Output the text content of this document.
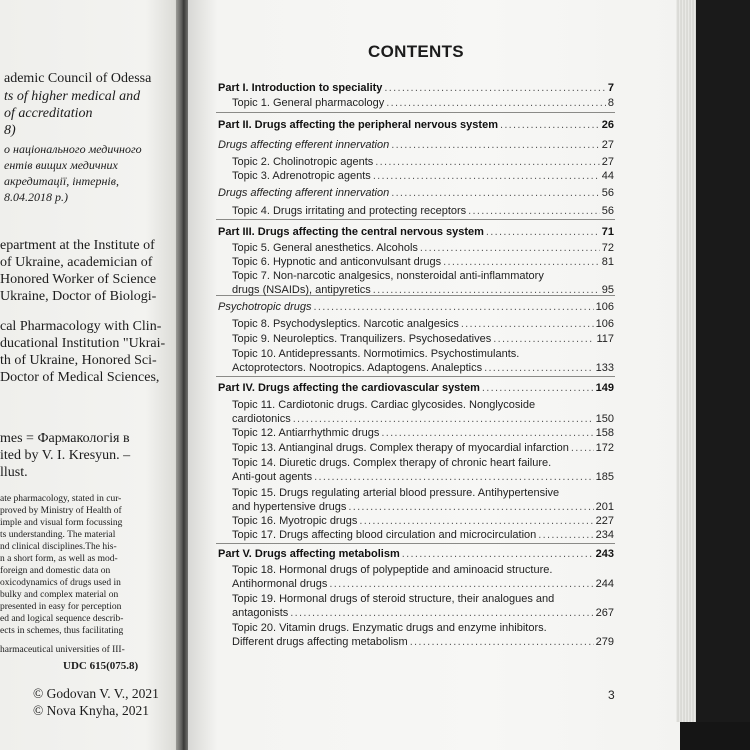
ademic Council of Odessa
ts of higher medical and
of accreditation
8)
о національного медичного
ентів вищих медичних
акредитації, інтернів,
8.04.2018 р.)
epartment at the Institute of
of Ukraine, academician of
Honored Worker of Science
Ukraine, Doctor of Biologi-
cal Pharmacology with Clin-
ducational Institution "Ukrai-
th of Ukraine, Honored Sci-
Doctor of Medical Sciences,
mes = Фармакологія в
ited by V. I. Kresyun. –
llust.
ate pharmacology, stated in cur-
proved by Ministry of Health of
imple and visual form focussing
ts understanding. The material
nd clinical disciplines.The his-
n a short form, as well as mod-
foreign and domestic data on
oxicodynamics of drugs used in
bulky and complex material on
presented in easy for perception
ed and logical sequence describ-
ects in schemes, thus facilitating
harmaceutical universities of III-
UDC 615(075.8)
© Godovan V. V., 2021
© Nova Knyha, 2021
CONTENTS
Part I. Introduction to speciality .....	7
Topic 1. General pharmacology .....	8
Part II. Drugs affecting the peripheral nervous system .....	26
Drugs affecting efferent innervation .....	27
Topic 2. Cholinotropic agents .....	27
Topic 3. Adrenotropic agents .....	44
Drugs affecting afferent innervation .....	56
Topic 4. Drugs irritating and protecting receptors .....	56
Part III. Drugs affecting the central nervous system .....	71
Topic 5. General anesthetics. Alcohols .....	72
Topic 6. Hypnotic and anticonvulsant drugs .....	81
Topic 7. Non-narcotic analgesics, nonsteroidal anti-inflammatory
drugs (NSAIDs), antipyretics .....	95
Psychotropic drugs .....	106
Topic 8. Psychodysleptics. Narcotic analgesics .....	106
Topic 9. Neuroleptics. Tranquilizers. Psychosedatives .....	117
Topic 10. Antidepressants. Normotimics. Psychostimulants.
Actoprotectors. Nootropics. Adaptogens. Analeptics .....	133
Part IV. Drugs affecting the cardiovascular system .....	149
Topic 11. Cardiotonic drugs. Cardiac glycosides. Nonglycoside
cardiotonics .....	150
Topic 12. Antiarrhythmic drugs .....	158
Topic 13. Antianginal drugs. Complex therapy of myocardial infarction ..... 172
Topic 14. Diuretic drugs. Complex therapy of chronic heart failure.
Anti-gout agents .....	185
Topic 15. Drugs regulating arterial blood pressure. Antihypertensive
and hypertensive drugs .....	201
Topic 16. Myotropic drugs .....	227
Topic 17. Drugs affecting blood circulation and microcirculation .....	234
Part V. Drugs affecting metabolism .....	243
Topic 18. Hormonal drugs of polypeptide and aminoacid structure.
Antihormonal drugs .....	244
Topic 19. Hormonal drugs of steroid structure, their analogues and
antagonists .....	267
Topic 20. Vitamin drugs. Enzymatic drugs and enzyme inhibitors.
Different drugs affecting metabolism .....	279
3
